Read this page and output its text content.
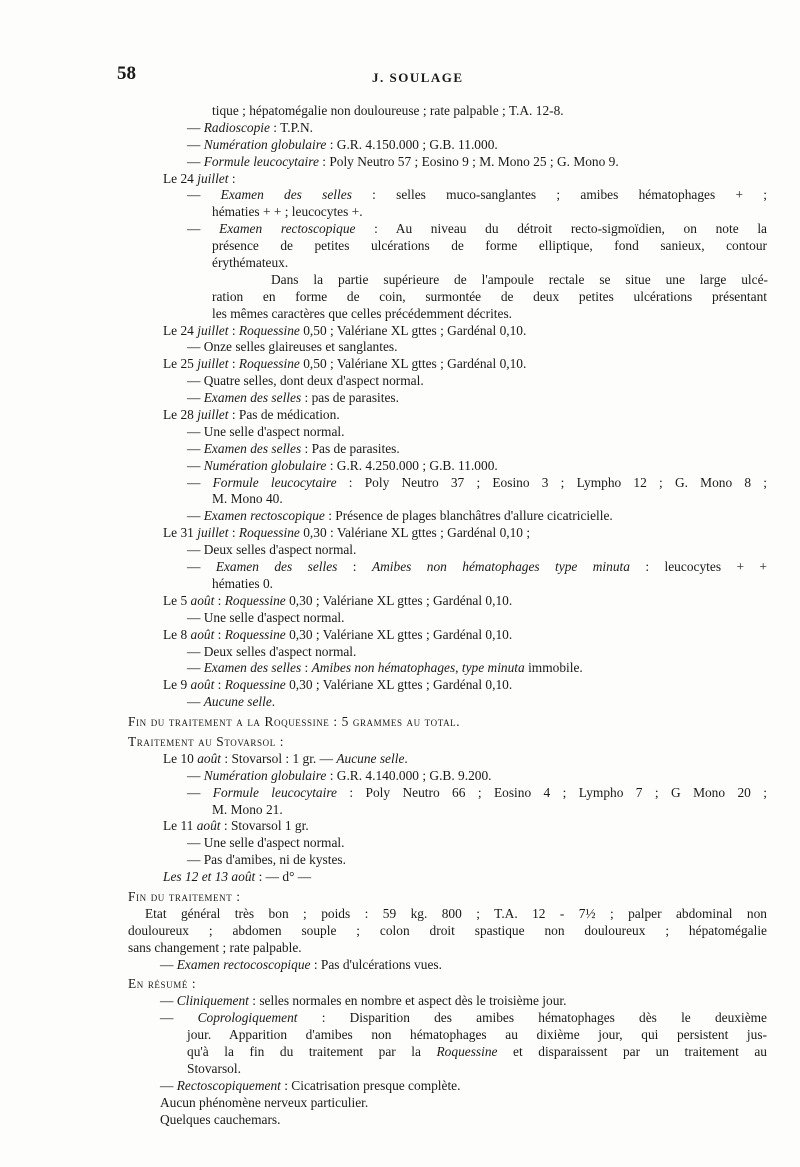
58	J. SOULAGE
tique ; hépatomégalie non douloureuse ; rate palpable ; T.A. 12-8.
— Radioscopie : T.P.N.
— Numération globulaire : G.R. 4.150.000 ; G.B. 11.000.
— Formule leucocytaire : Poly Neutro 57 ; Eosino 9 ; M. Mono 25 ; G. Mono 9.
Le 24 juillet :
— Examen des selles : selles muco-sanglantes ; amibes hématophages + ;
hématies + + ; leucocytes +.
— Examen rectoscopique : Au niveau du détroit recto-sigmoïdien, on note la
présence de petites ulcérations de forme elliptique, fond sanieux, contour
érythémateux.
Dans la partie supérieure de l'ampoule rectale se situe une large ulcé-
ration en forme de coin, surmontée de deux petites ulcérations présentant
les mêmes caractères que celles précédemment décrites.
Le 24 juillet : Roquessine 0,50 ; Valériane XL gttes ; Gardénal 0,10.
— Onze selles glaireuses et sanglantes.
Le 25 juillet : Roquessine 0,50 ; Valériane XL gttes ; Gardénal 0,10.
— Quatre selles, dont deux d'aspect normal.
— Examen des selles : pas de parasites.
Le 28 juillet : Pas de médication.
— Une selle d'aspect normal.
— Examen des selles : Pas de parasites.
— Numération globulaire : G.R. 4.250.000 ; G.B. 11.000.
— Formule leucocytaire : Poly Neutro 37 ; Eosino 3 ; Lympho 12 ; G. Mono 8 ;
M. Mono 40.
— Examen rectoscopique : Présence de plages blanchâtres d'allure cicatricielle.
Le 31 juillet : Roquessine 0,30 : Valériane XL gttes ; Gardénal 0,10 ;
— Deux selles d'aspect normal.
— Examen des selles : Amibes non hématophages type minuta : leucocytes + +
hématies 0.
Le 5 août : Roquessine 0,30 ; Valériane XL gttes ; Gardénal 0,10.
— Une selle d'aspect normal.
Le 8 août : Roquessine 0,30 ; Valériane XL gttes ; Gardénal 0,10.
— Deux selles d'aspect normal.
— Examen des selles : Amibes non hématophages, type minuta immobile.
Le 9 août : Roquessine 0,30 ; Valériane XL gttes ; Gardénal 0,10.
— Aucune selle.
Fin du traitement a la Roquessine : 5 grammes au total.
Traitement au Stovarsol :
Le 10 août : Stovarsol : 1 gr. — Aucune selle.
— Numération globulaire : G.R. 4.140.000 ; G.B. 9.200.
— Formule leucocytaire : Poly Neutro 66 ; Eosino 4 ; Lympho 7 ; G Mono 20 ;
M. Mono 21.
Le 11 août : Stovarsol 1 gr.
— Une selle d'aspect normal.
— Pas d'amibes, ni de kystes.
Les 12 et 13 août : — d° —
Fin du traitement :
Etat général très bon ; poids : 59 kg. 800 ; T.A. 12 - 7½ ; palper abdominal non
douloureux ; abdomen souple ; colon droit spastique non douloureux ; hépatomégalie
sans changement ; rate palpable.
— Examen rectocoscopique : Pas d'ulcérations vues.
En résumé :
— Cliniquement : selles normales en nombre et aspect dès le troisième jour.
— Coprologiquement : Disparition des amibes hématophages dès le deuxième
jour. Apparition d'amibes non hématophages au dixième jour, qui persistent jus-
qu'à la fin du traitement par la Roquessine et disparaissent par un traitement au
Stovarsol.
— Rectoscopiquement : Cicatrisation presque complète.
Aucun phénomène nerveux particulier.
Quelques cauchemars.
